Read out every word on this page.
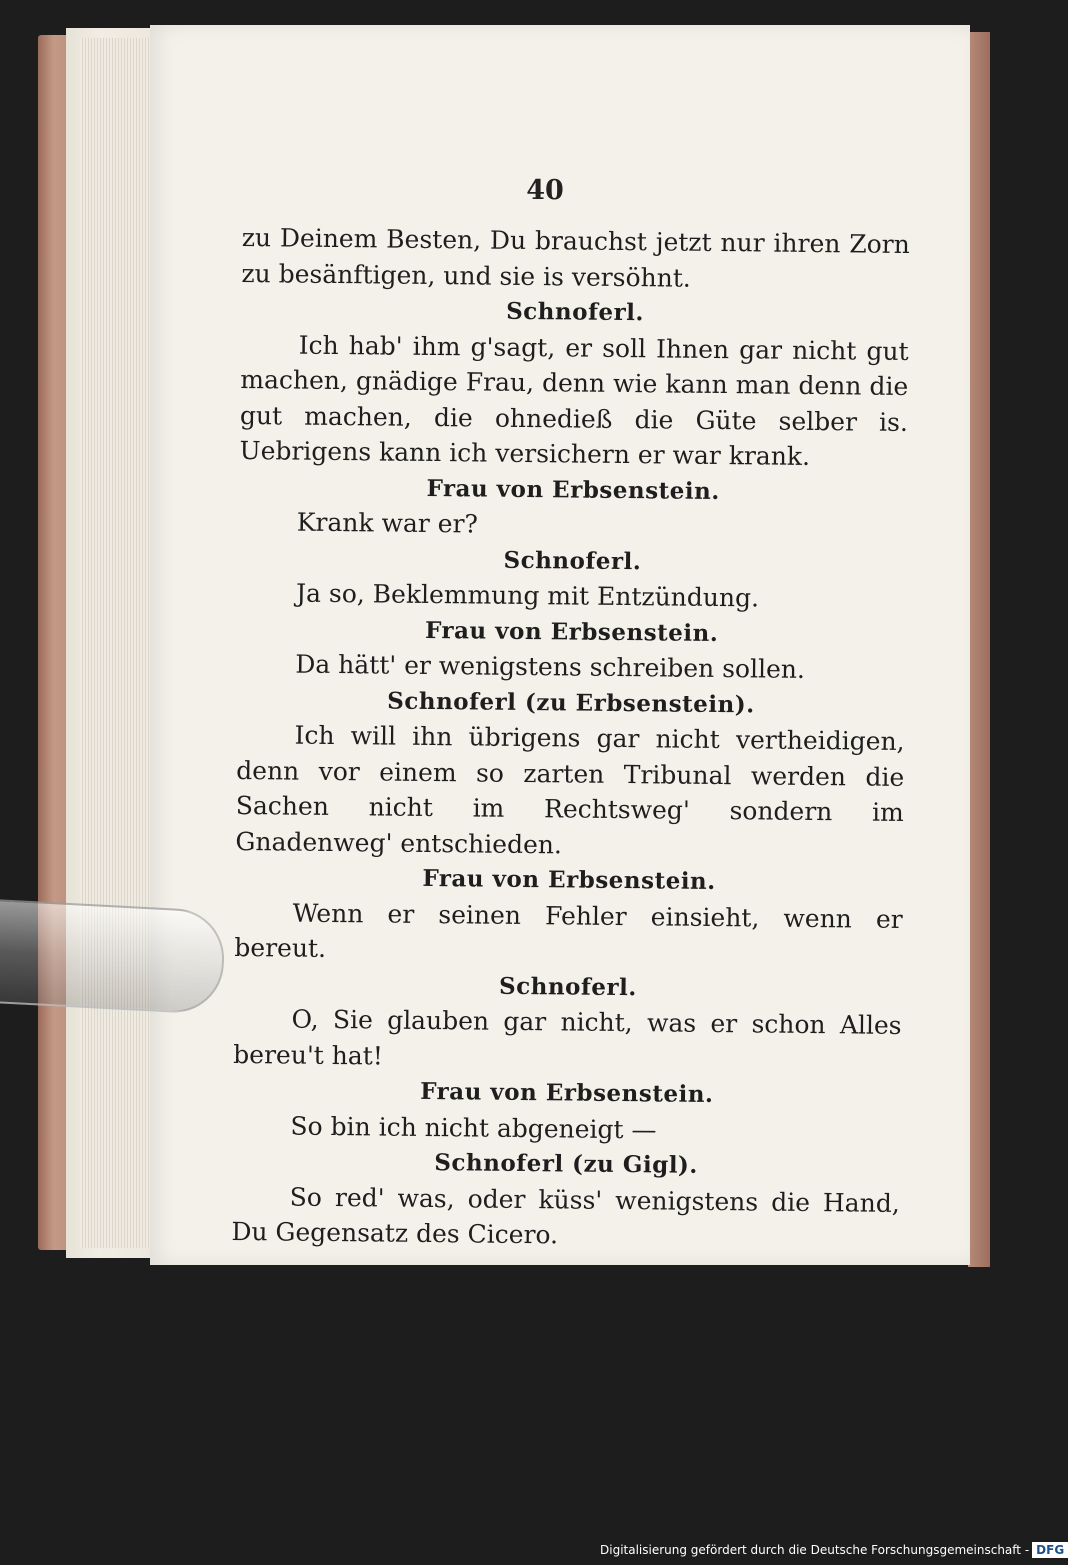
40

zu Deinem Besten, Du brauchst jetzt nur ihren Zorn zu besänftigen, und sie is versöhnt.

Schnoferl.

Ich hab' ihm g'sagt, er soll Ihnen gar nicht gut machen, gnädige Frau, denn wie kann man denn die gut machen, die ohnedieß die Güte selber is. Uebrigens kann ich versichern er war krank.

Frau von Erbsenstein.

Krank war er?

Schnoferl.

Ja so, Beklemmung mit Entzündung.

Frau von Erbsenstein.

Da hätt' er wenigstens schreiben sollen.

Schnoferl (zu Erbsenstein).

Ich will ihn übrigens gar nicht vertheidigen, denn vor einem so zarten Tribunal werden die Sachen nicht im Rechtsweg' sondern im Gnadenweg' entschieden.

Frau von Erbsenstein.

Wenn er seinen Fehler einsieht, wenn er bereut.

Schnoferl.

O, Sie glauben gar nicht, was er schon Alles bereu't hat!

Frau von Erbsenstein.

So bin ich nicht abgeneigt —

Schnoferl (zu Gigl).

So red' was, oder küss' wenigstens die Hand, Du Gegensatz des Cicero.

Digitalisierung gefördert durch die Deutsche Forschungsgemeinschaft - DFG
